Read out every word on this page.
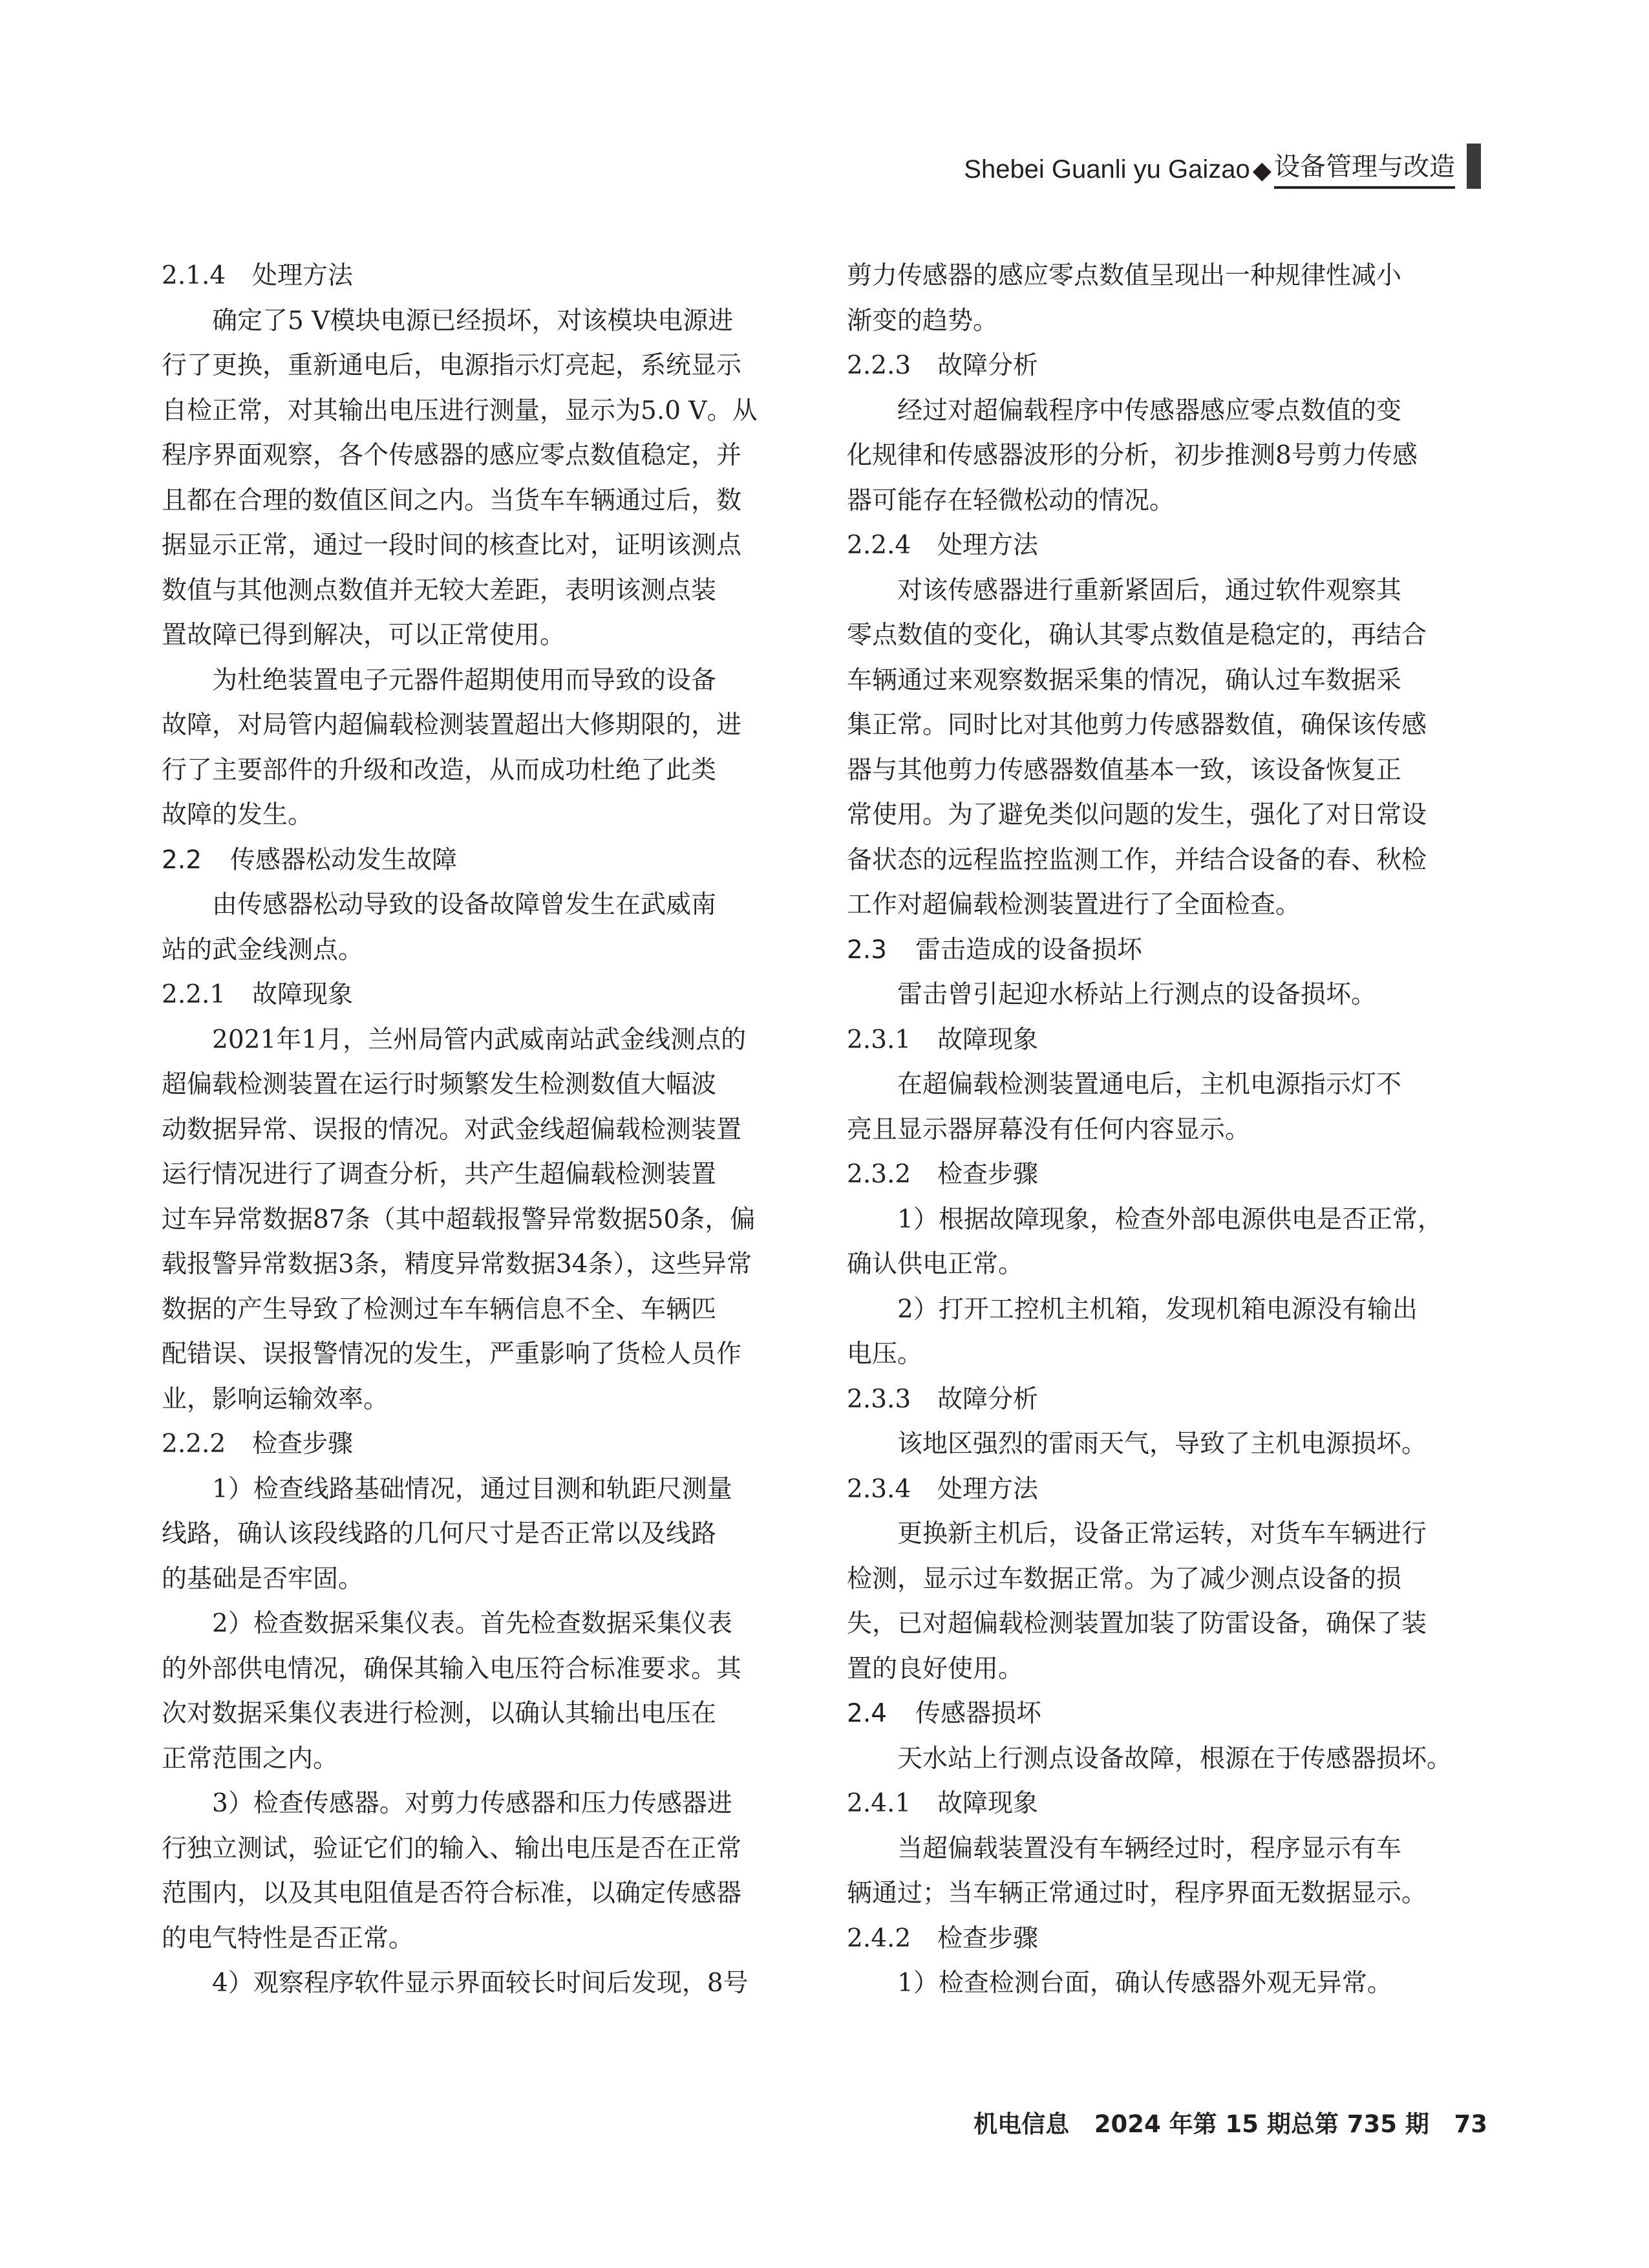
Shebei Guanli yu Gaizao ◆ 设备管理与改造
2.1.4 处理方法
确定了5 V模块电源已经损坏，对该模块电源进
行了更换，重新通电后，电源指示灯亮起，系统显示
自检正常，对其输出电压进行测量，显示为5.0 V。从
程序界面观察，各个传感器的感应零点数值稳定，并
且都在合理的数值区间之内。当货车车辆通过后，数
据显示正常，通过一段时间的核查比对，证明该测点
数值与其他测点数值并无较大差距，表明该测点装
置故障已得到解决，可以正常使用。
为杜绝装置电子元器件超期使用而导致的设备
故障，对局管内超偏载检测装置超出大修期限的，进
行了主要部件的升级和改造，从而成功杜绝了此类
故障的发生。
2.2 传感器松动发生故障
由传感器松动导致的设备故障曾发生在武威南
站的武金线测点。
2.2.1 故障现象
2021年1月，兰州局管内武威南站武金线测点的
超偏载检测装置在运行时频繁发生检测数值大幅波
动数据异常、误报的情况。对武金线超偏载检测装置
运行情况进行了调查分析，共产生超偏载检测装置
过车异常数据87条（其中超载报警异常数据50条，偏
载报警异常数据3条，精度异常数据34条），这些异常
数据的产生导致了检测过车车辆信息不全、车辆匹
配错误、误报警情况的发生，严重影响了货检人员作
业，影响运输效率。
2.2.2 检查步骤
1）检查线路基础情况，通过目测和轨距尺测量
线路，确认该段线路的几何尺寸是否正常以及线路
的基础是否牢固。
2）检查数据采集仪表。首先检查数据采集仪表
的外部供电情况，确保其输入电压符合标准要求。其
次对数据采集仪表进行检测，以确认其输出电压在
正常范围之内。
3）检查传感器。对剪力传感器和压力传感器进
行独立测试，验证它们的输入、输出电压是否在正常
范围内，以及其电阻值是否符合标准，以确定传感器
的电气特性是否正常。
4）观察程序软件显示界面较长时间后发现，8号
剪力传感器的感应零点数值呈现出一种规律性减小
渐变的趋势。
2.2.3 故障分析
经过对超偏载程序中传感器感应零点数值的变
化规律和传感器波形的分析，初步推测8号剪力传感
器可能存在轻微松动的情况。
2.2.4 处理方法
对该传感器进行重新紧固后，通过软件观察其
零点数值的变化，确认其零点数值是稳定的，再结合
车辆通过来观察数据采集的情况，确认过车数据采
集正常。同时比对其他剪力传感器数值，确保该传感
器与其他剪力传感器数值基本一致，该设备恢复正
常使用。为了避免类似问题的发生，强化了对日常设
备状态的远程监控监测工作，并结合设备的春、秋检
工作对超偏载检测装置进行了全面检查。
2.3 雷击造成的设备损坏
雷击曾引起迎水桥站上行测点的设备损坏。
2.3.1 故障现象
在超偏载检测装置通电后，主机电源指示灯不
亮且显示器屏幕没有任何内容显示。
2.3.2 检查步骤
1）根据故障现象，检查外部电源供电是否正常，
确认供电正常。
2）打开工控机主机箱，发现机箱电源没有输出
电压。
2.3.3 故障分析
该地区强烈的雷雨天气，导致了主机电源损坏。
2.3.4 处理方法
更换新主机后，设备正常运转，对货车车辆进行
检测，显示过车数据正常。为了减少测点设备的损
失，已对超偏载检测装置加装了防雷设备，确保了装
置的良好使用。
2.4 传感器损坏
天水站上行测点设备故障，根源在于传感器损坏。
2.4.1 故障现象
当超偏载装置没有车辆经过时，程序显示有车
辆通过；当车辆正常通过时，程序界面无数据显示。
2.4.2 检查步骤
1）检查检测台面，确认传感器外观无异常。
机电信息 2024 年第 15 期总第 735 期 73
